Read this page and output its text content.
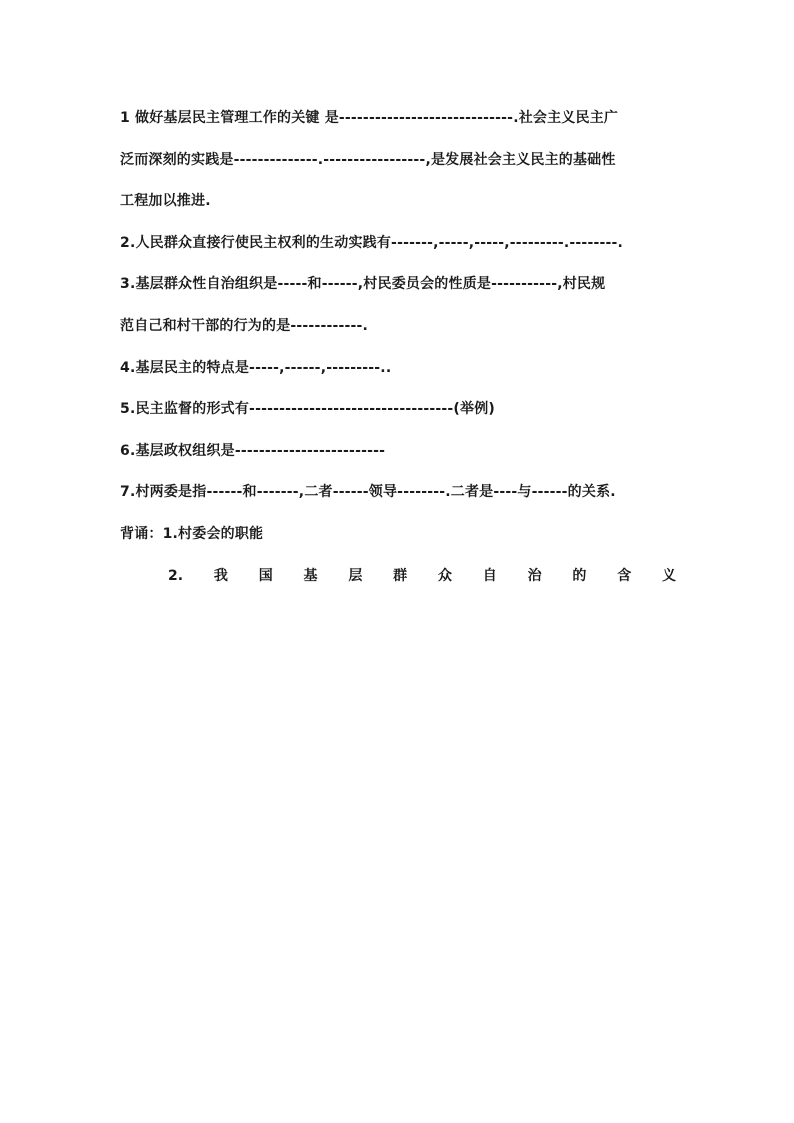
1 做好基层民主管理工作的关键 是-----------------------------.社会主义民主广
泛而深刻的实践是--------------.-----------------,是发展社会主义民主的基础性
工程加以推进.
2.人民群众直接行使民主权利的生动实践有-------,-----,-----,---------.--------.
3.基层群众性自治组织是-----和------,村民委员会的性质是-----------,村民规
范自己和村干部的行为的是------------.
4.基层民主的特点是-----,------,---------..
5.民主监督的形式有----------------------------------(举例)
6.基层政权组织是-------------------------
7.村两委是指------和-------,二者------领导--------.二者是----与------的关系.
背诵：1.村委会的职能
2. 我 国 基 层 群 众 自 治 的 含 义
